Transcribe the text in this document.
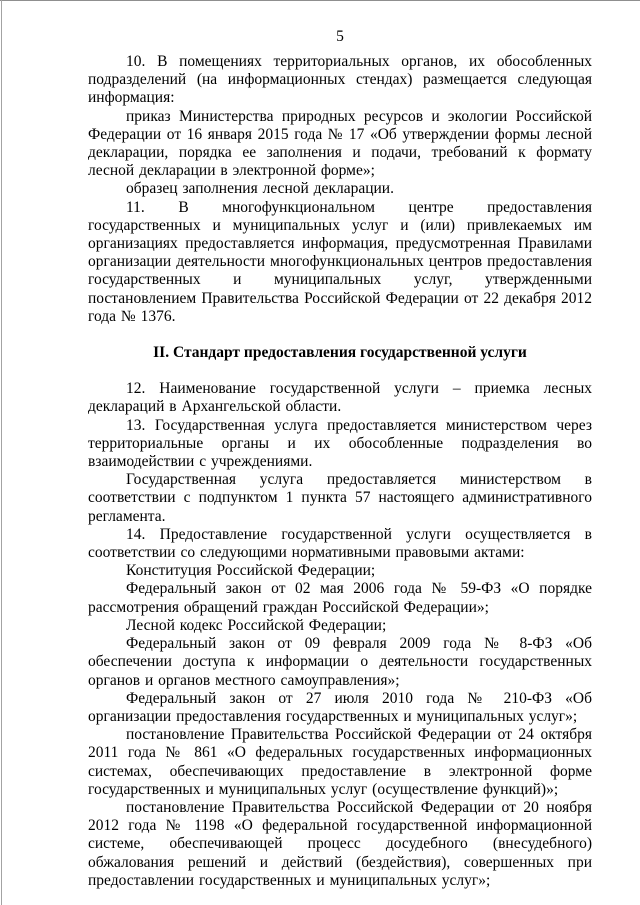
5

10. В помещениях территориальных органов, их обособленных подразделений (на информационных стендах) размещается следующая информация:

приказ Министерства природных ресурсов и экологии Российской Федерации от 16 января 2015 года № 17 «Об утверждении формы лесной декларации, порядка ее заполнения и подачи, требований к формату лесной декларации в электронной форме»;

образец заполнения лесной декларации.

11. В многофункциональном центре предоставления государственных и муниципальных услуг и (или) привлекаемых им организациях предоставляется информация, предусмотренная Правилами организации деятельности многофункциональных центров предоставления государственных и муниципальных услуг, утвержденными постановлением Правительства Российской Федерации от 22 декабря 2012 года № 1376.

II. Стандарт предоставления государственной услуги

12. Наименование государственной услуги – приемка лесных деклараций в Архангельской области.

13. Государственная услуга предоставляется министерством через территориальные органы и их обособленные подразделения во взаимодействии с учреждениями.

Государственная услуга предоставляется министерством в соответствии с подпунктом 1 пункта 57 настоящего административного регламента.

14. Предоставление государственной услуги осуществляется в соответствии со следующими нормативными правовыми актами:

Конституция Российской Федерации;

Федеральный закон от 02 мая 2006 года № 59-ФЗ «О порядке рассмотрения обращений граждан Российской Федерации»;

Лесной кодекс Российской Федерации;

Федеральный закон от 09 февраля 2009 года № 8-ФЗ «Об обеспечении доступа к информации о деятельности государственных органов и органов местного самоуправления»;

Федеральный закон от 27 июля 2010 года № 210-ФЗ «Об организации предоставления государственных и муниципальных услуг»;

постановление Правительства Российской Федерации от 24 октября 2011 года № 861 «О федеральных государственных информационных системах, обеспечивающих предоставление в электронной форме государственных и муниципальных услуг (осуществление функций)»;

постановление Правительства Российской Федерации от 20 ноября 2012 года № 1198 «О федеральной государственной информационной системе, обеспечивающей процесс досудебного (внесудебного) обжалования решений и действий (бездействия), совершенных при предоставлении государственных и муниципальных услуг»;
